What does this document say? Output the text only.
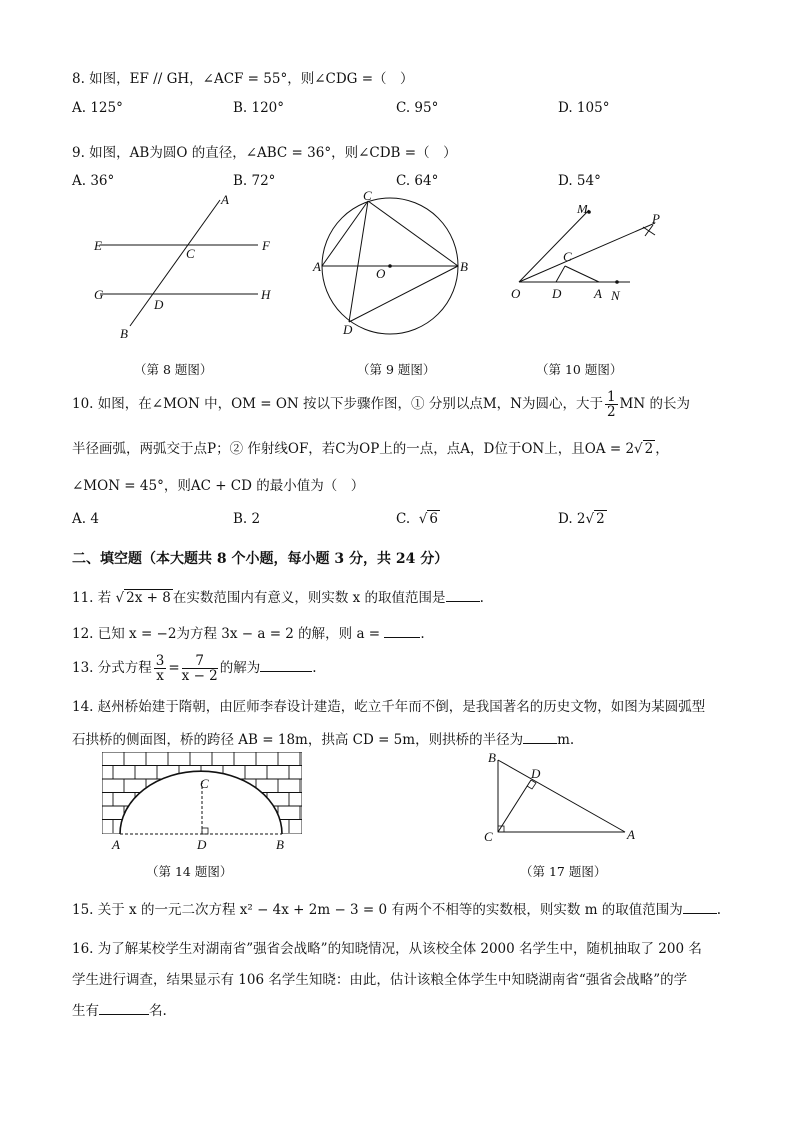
8. 如图，EF // GH，∠ACF = 55°，则∠CDG =（　）
A. 125°	B. 120°	C. 95°	D. 105°
9. 如图，AB为圆O 的直径，∠ABC = 36°，则∠CDB =（　）
A. 36°	B. 72°	C. 64°	D. 54°
A
B
C
D
E	F
G	H
A	B
C
D
O
M
P
C
O D	A N
（第 8 题图）	（第 9 题图）	（第 10 题图）
10. 如图，在∠MON 中，OM = ON 按以下步骤作图，① 分别以点M，N为圆心，大于 $\frac{1}{2}$ MN 的长为
半径画弧，两弧交于点P；② 作射线OF，若C为OP上的一点，点A，D位于ON上，且OA = 2√ 2 ，
∠MON = 45°，则AC + CD 的最小值为（　）
A. 4	B. 2	C.  √ 6	D. 2√ 2
二、填空题（本大题共 8 个小题，每小题 3 分，共 24 分）
11. 若 √ 2x + 8 在实数范围内有意义，则实数 x 的取值范围是	.
12. 已知 x = −2为方程 3x − a = 2 的解，则 a =	.
13. 分式方程 $\frac{3}{x} = \frac{7}{x - 2}$ 的解为	.
14. 赵州桥始建于隋朝，由匠师李春设计建造，屹立千年而不倒，是我国著名的历史文物，如图为某圆弧型
石拱桥的侧面图，桥的跨径 AB = 18m，拱高 CD = 5m，则拱桥的半径为	m.
C
A	D	B
B
D
C	A
（第 14 题图）	（第 17 题图）
15. 关于 x 的一元二次方程 x² − 4x + 2m − 3 = 0 有两个不相等的实数根，则实数 m 的取值范围为	.
16. 为了解某校学生对湖南省”强省会战略”的知晓情况，从该校全体 2000 名学生中，随机抽取了 200 名
学生进行调查，结果显示有 106 名学生知晓：由此，估计该粮全体学生中知晓湖南省“强省会战略”的学
生有	名.
